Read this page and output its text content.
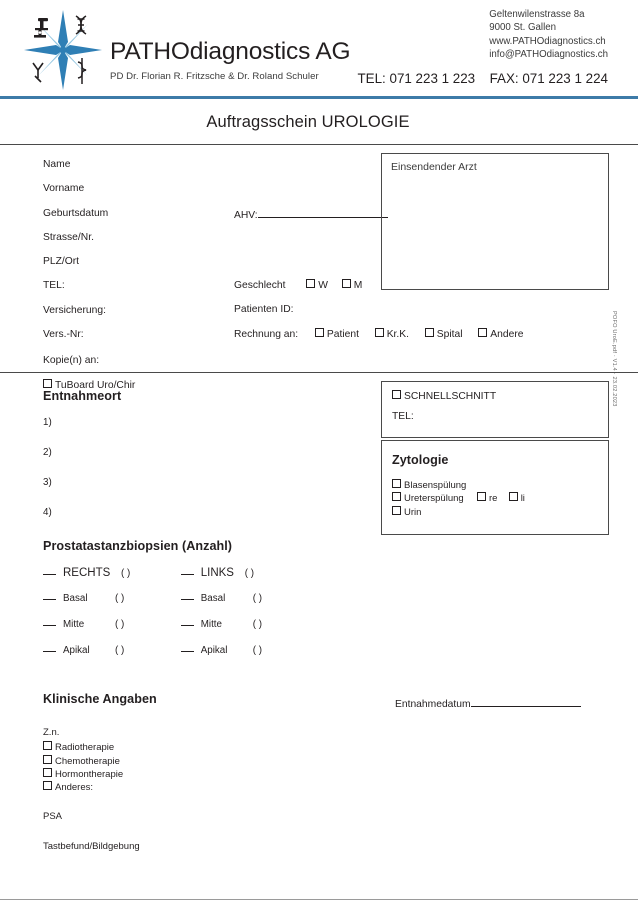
PATHOdiagnostics AG
PD Dr. Florian R. Fritzsche & Dr. Roland Schuler
Geltenwilenstrasse 8a
9000 St. Gallen
www.PATHOdiagnostics.ch
info@PATHOdiagnostics.ch
TEL: 071 223 1 223 FAX: 071 223 1 224
Auftragsschein UROLOGIE
Name
Vorname
Geburtsdatum
Strasse/Nr.
PLZ/Ort
TEL:
Versicherung:
Vers.-Nr:
Kopie(n) an:
TuBoard Uro/Chir
AHV:
Geschlecht	W	M
Patienten ID:
Rechnung an:	Patient	Kr.K.	Spital	Andere
Einsendender Arzt
POFO UroE.pdf · V1.4 · 23.02.2023
Entnahmeort
1)
2)
3)
4)
SCHNELLSCHNITT
TEL:
Zytologie
Blasenspülung
Ureterspülung	re li
Urin
Prostatastanzbiopsien (Anzahl)
RECHTS ( )	LINKS ( )
Basal	( )	Basal	( )
Mitte	( )	Mitte	( )
Apikal	( )	Apikal	( )
Klinische Angaben	Entnahmedatum
Z.n.
Radiotherapie
Chemotherapie
Hormontherapie
Anderes:
PSA
Tastbefund/Bildgebung
